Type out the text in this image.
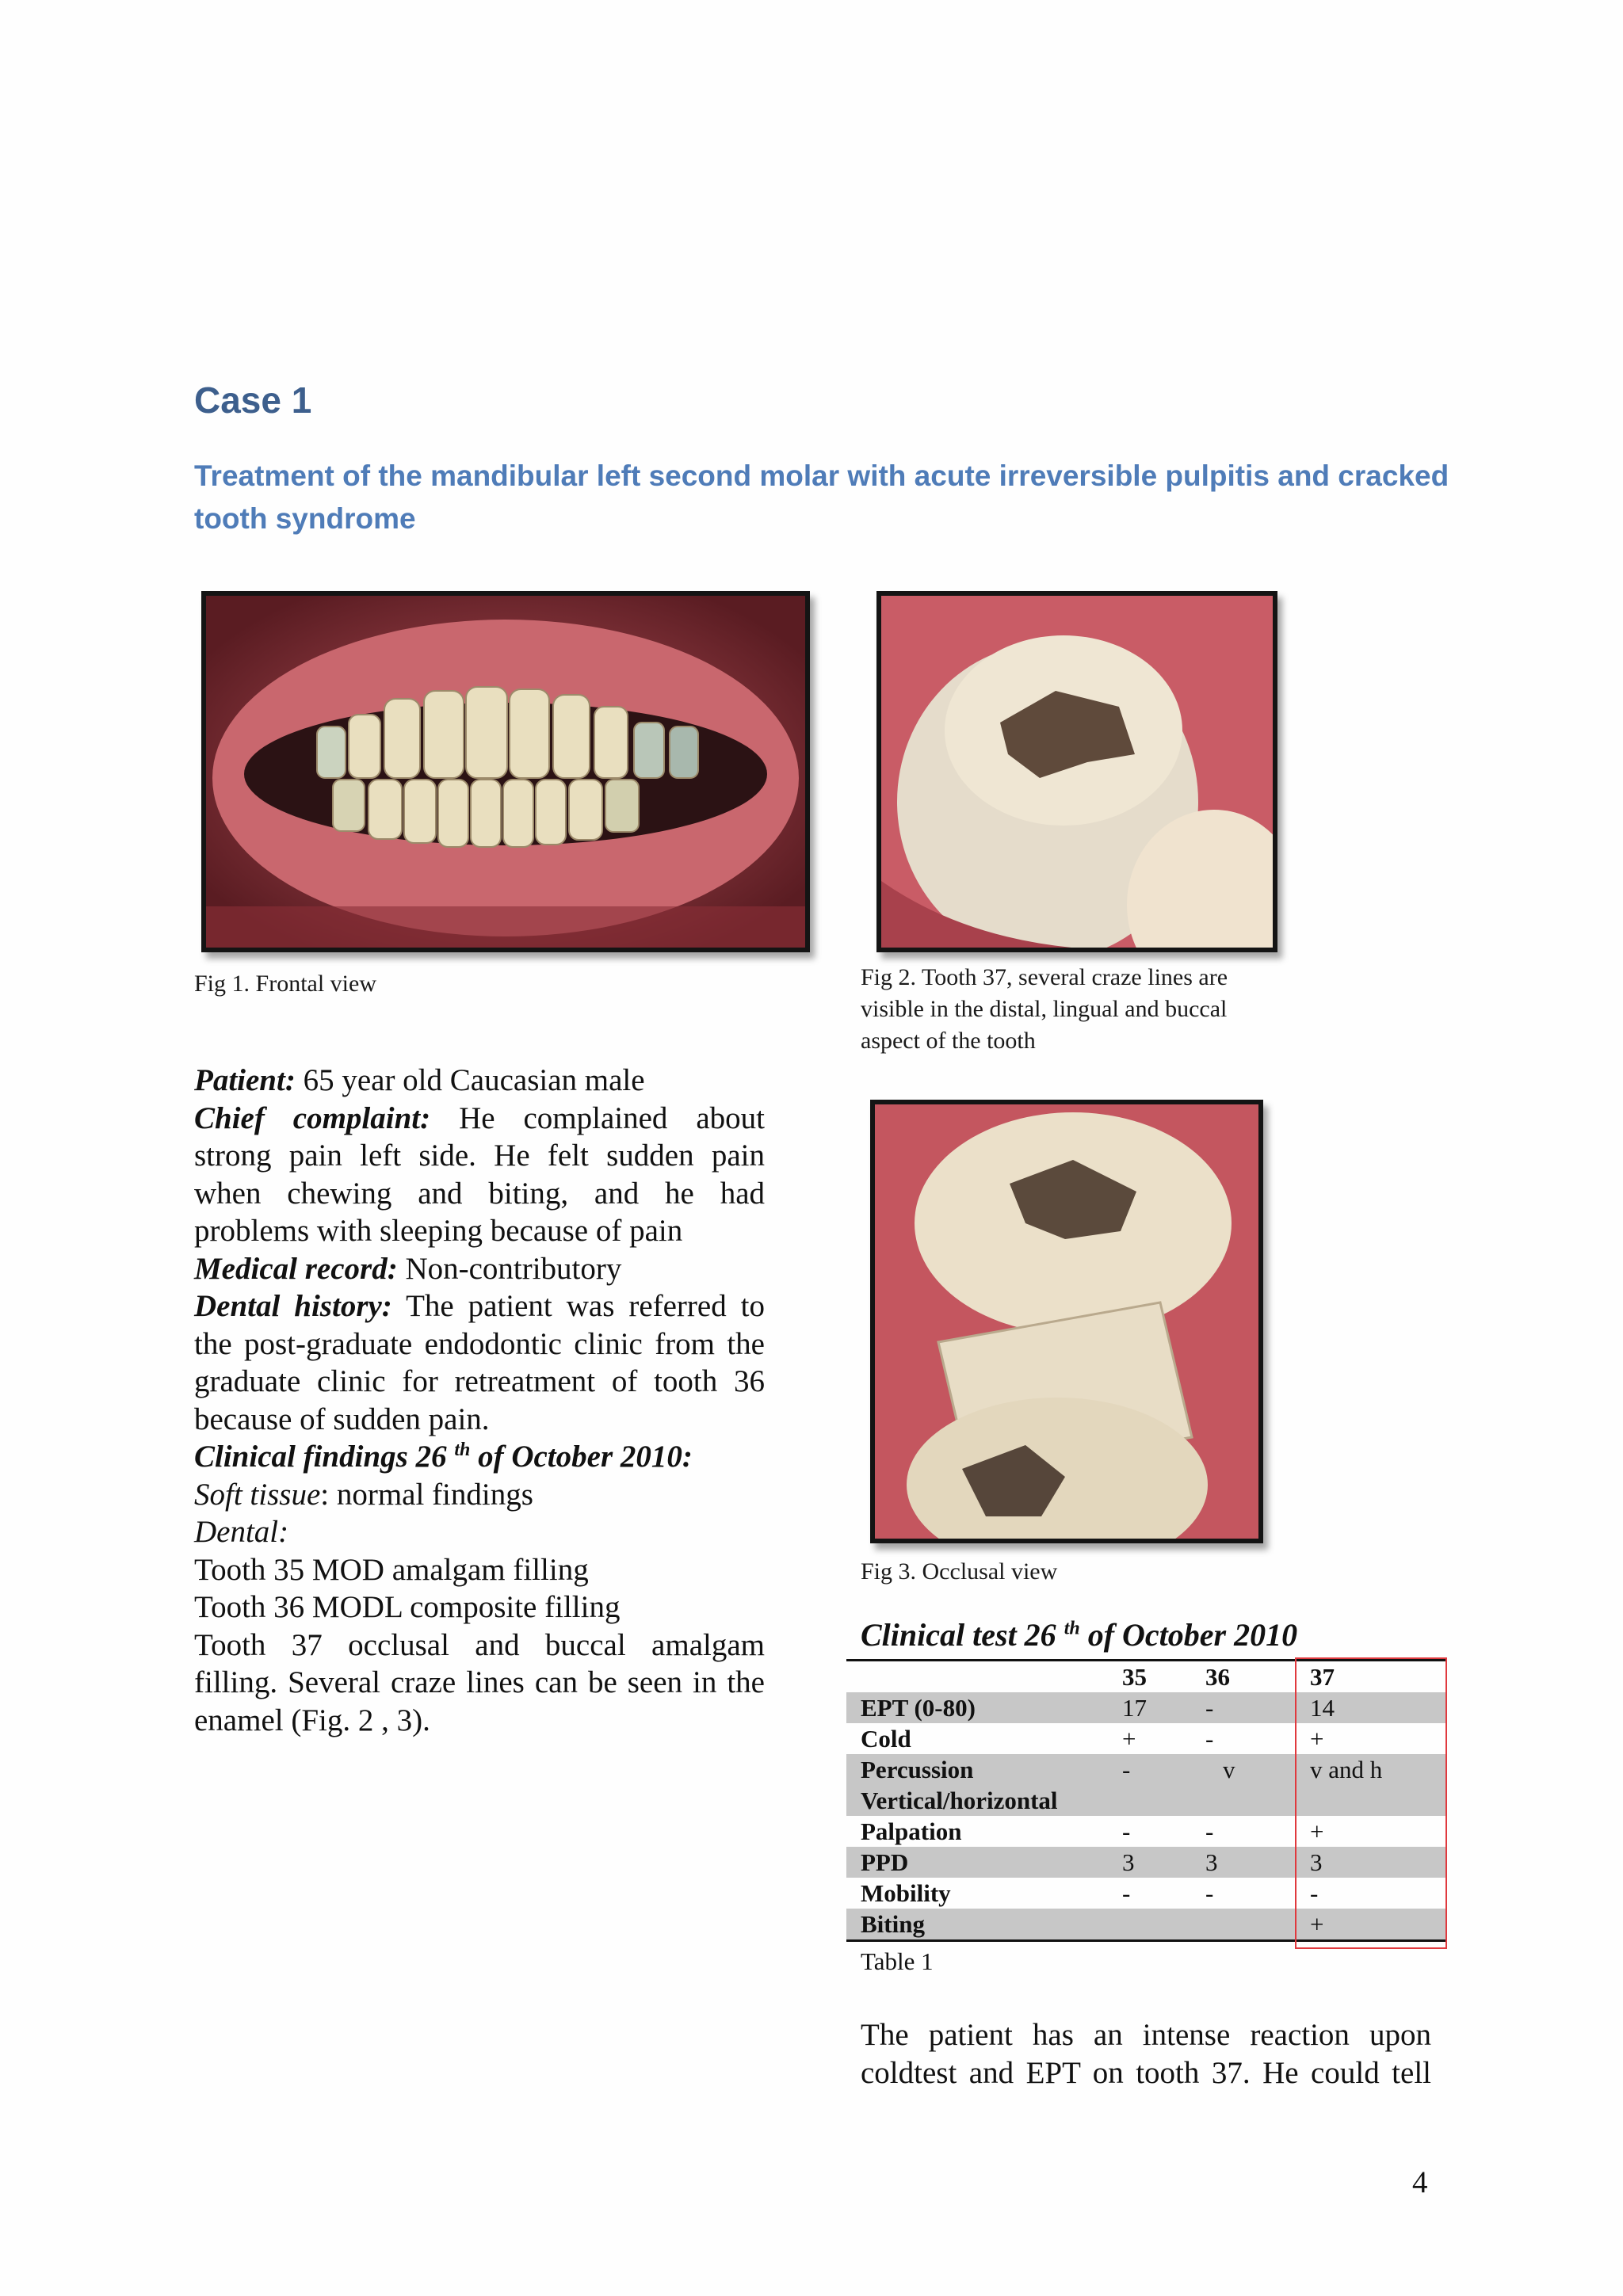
Case 1
Treatment of the mandibular left second molar with acute irreversible pulpitis and cracked tooth syndrome
Fig 1. Frontal view	Fig 2. Tooth 37, several craze lines are visible in the distal, lingual and buccal aspect of the tooth
Fig 3. Occlusal view

Patient: 65 year old Caucasian male

Chief complaint: He complained about strong pain left side. He felt sudden pain when chewing and biting, and he had problems with sleeping because of pain

Medical record: Non-contributory

Dental history: The patient was referred to the post-graduate endodontic clinic from the graduate clinic for retreatment of tooth 36 because of sudden pain.

Clinical findings 26 $^{th}$ of October 2010:

Soft tissue: normal findings

Dental:

Tooth 35 MOD amalgam filling

Tooth 36 MODL composite filling

Tooth 37 occlusal and buccal amalgam filling. Several craze lines can be seen in the enamel (Fig. 2 , 3).

Clinical test 26 $^{th}$ of October 2010
	35	36	37
EPT (0-80)	17	-	14
Cold	+	-	+
Percussion Vertical/horizontal	-	v	v and h
Palpation	-	-	+
PPD	3	3	3
Mobility	-	-	-
Biting			+
Table 1
The patient has an intense reaction upon coldtest and EPT on tooth 37. He could tell
4
